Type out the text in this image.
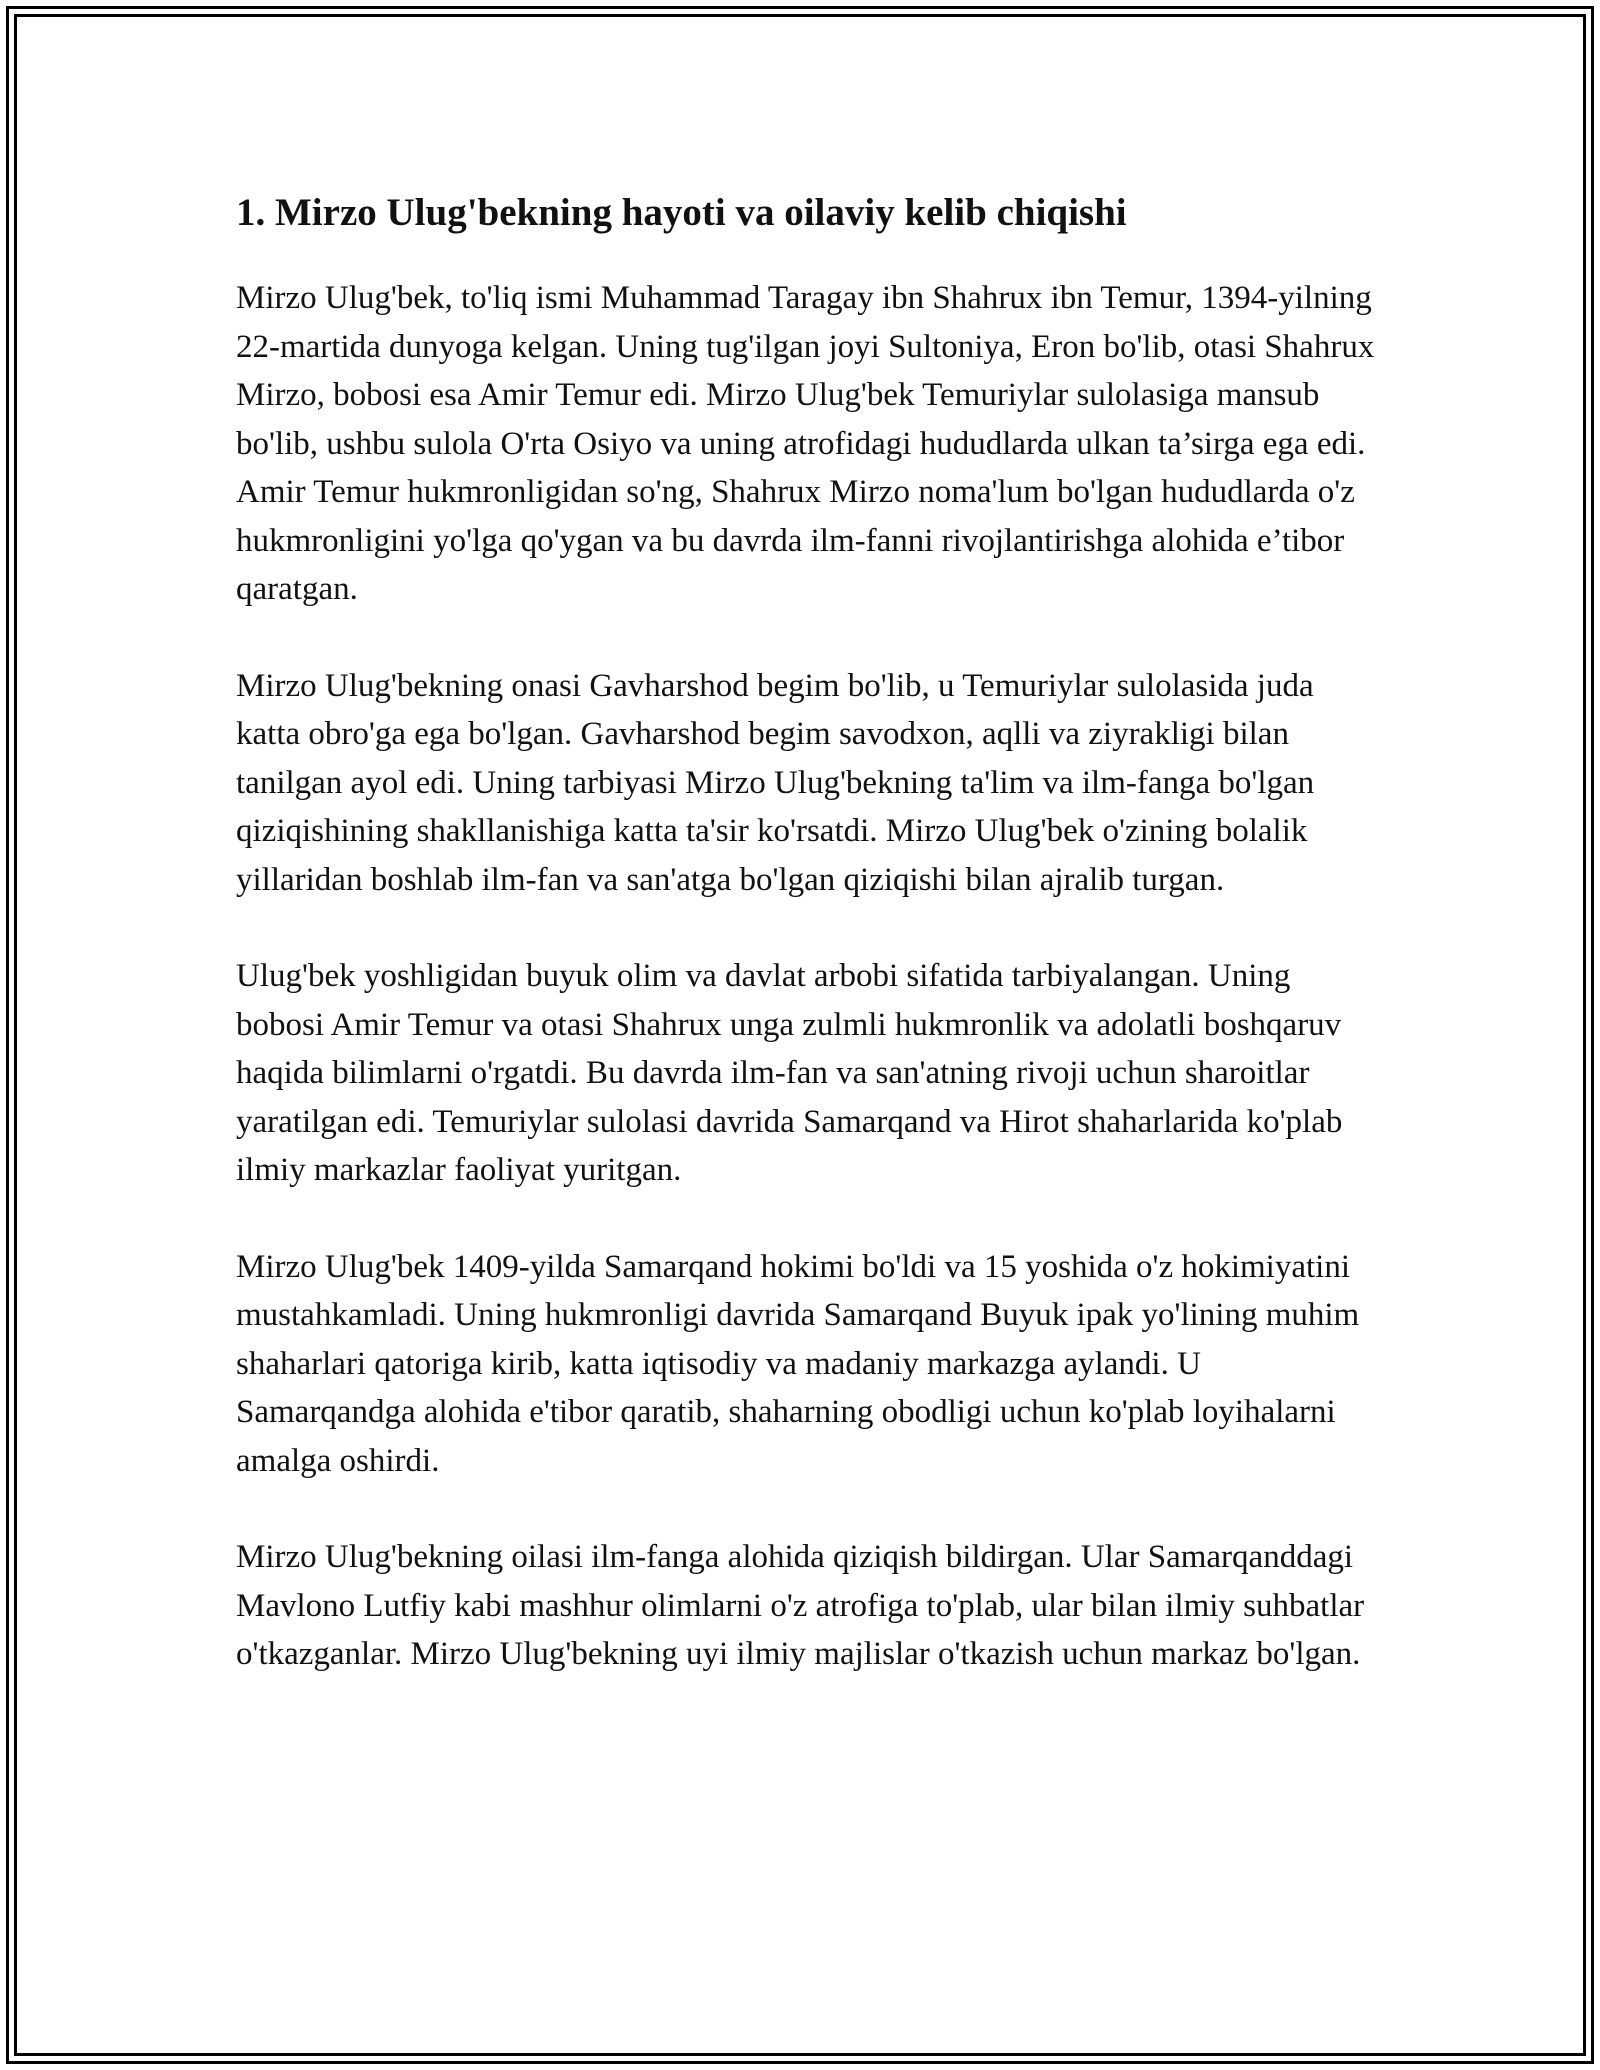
1. Mirzo Ulug'bekning hayoti va oilaviy kelib chiqishi

Mirzo Ulug'bek, to'liq ismi Muhammad Taragay ibn Shahrux ibn Temur, 1394-yilning 22-martida dunyoga kelgan. Uning tug'ilgan joyi Sultoniya, Eron bo'lib, otasi Shahrux Mirzo, bobosi esa Amir Temur edi. Mirzo Ulug'bek Temuriylar sulolasiga mansub bo'lib, ushbu sulola O'rta Osiyo va uning atrofidagi hududlarda ulkan ta’sirga ega edi. Amir Temur hukmronligidan so'ng, Shahrux Mirzo noma'lum bo'lgan hududlarda o'z hukmronligini yo'lga qo'ygan va bu davrda ilm-fanni rivojlantirishga alohida e’tibor qaratgan.

Mirzo Ulug'bekning onasi Gavharshod begim bo'lib, u Temuriylar sulolasida juda katta obro'ga ega bo'lgan. Gavharshod begim savodxon, aqlli va ziyrakligi bilan tanilgan ayol edi. Uning tarbiyasi Mirzo Ulug'bekning ta'lim va ilm-fanga bo'lgan qiziqishining shakllanishiga katta ta'sir ko'rsatdi. Mirzo Ulug'bek o'zining bolalik yillaridan boshlab ilm-fan va san'atga bo'lgan qiziqishi bilan ajralib turgan.

Ulug'bek yoshligidan buyuk olim va davlat arbobi sifatida tarbiyalangan. Uning bobosi Amir Temur va otasi Shahrux unga zulmli hukmronlik va adolatli boshqaruv haqida bilimlarni o'rgatdi. Bu davrda ilm-fan va san'atning rivoji uchun sharoitlar yaratilgan edi. Temuriylar sulolasi davrida Samarqand va Hirot shaharlarida ko'plab ilmiy markazlar faoliyat yuritgan.

Mirzo Ulug'bek 1409-yilda Samarqand hokimi bo'ldi va 15 yoshida o'z hokimiyatini mustahkamladi. Uning hukmronligi davrida Samarqand Buyuk ipak yo'lining muhim shaharlari qatoriga kirib, katta iqtisodiy va madaniy markazga aylandi. U Samarqandga alohida e'tibor qaratib, shaharning obodligi uchun ko'plab loyihalarni amalga oshirdi.

Mirzo Ulug'bekning oilasi ilm-fanga alohida qiziqish bildirgan. Ular Samarqanddagi Mavlono Lutfiy kabi mashhur olimlarni o'z atrofiga to'plab, ular bilan ilmiy suhbatlar o'tkazganlar. Mirzo Ulug'bekning uyi ilmiy majlislar o'tkazish uchun markaz bo'lgan.
